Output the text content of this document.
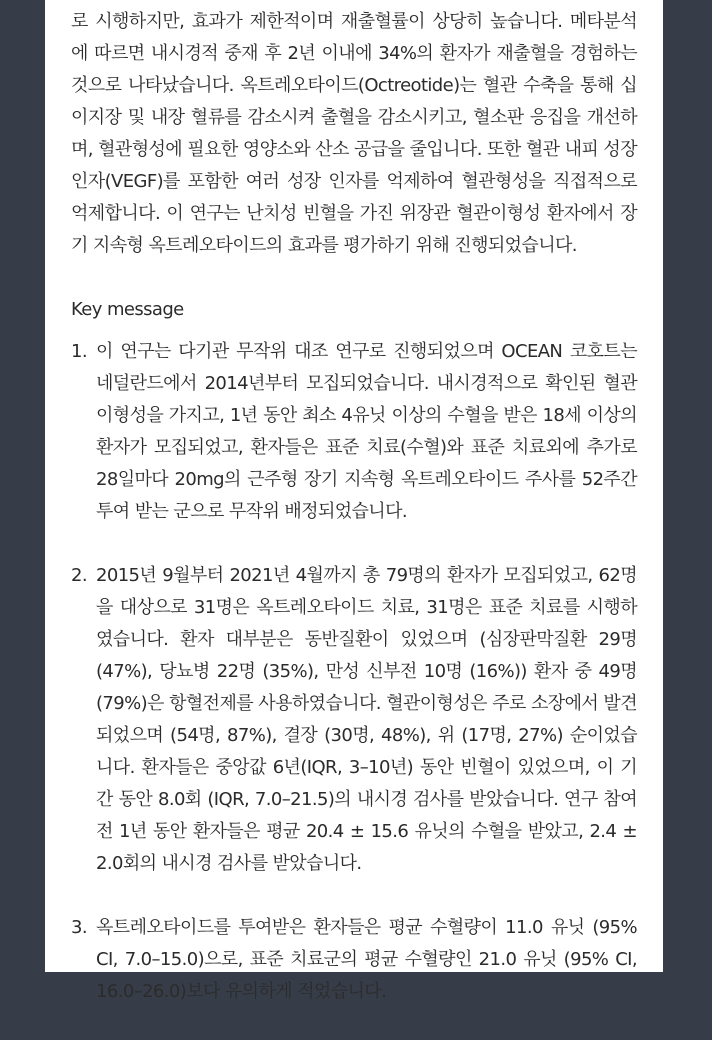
로 시행하지만, 효과가 제한적이며 재출혈률이 상당히 높습니다. 메타분석에 따르면 내시경적 중재 후 2년 이내에 34%의 환자가 재출혈을 경험하는 것으로 나타났습니다. 옥트레오타이드(Octreotide)는 혈관 수축을 통해 십이지장 및 내장 혈류를 감소시켜 출혈을 감소시키고, 혈소판 응집을 개선하며, 혈관형성에 필요한 영양소와 산소 공급을 줄입니다. 또한 혈관 내피 성장 인자(VEGF)를 포함한 여러 성장 인자를 억제하여 혈관형성을 직접적으로 억제합니다. 이 연구는 난치성 빈혈을 가진 위장관 혈관이형성 환자에서 장기 지속형 옥트레오타이드의 효과를 평가하기 위해 진행되었습니다.

Key message
1. 이 연구는 다기관 무작위 대조 연구로 진행되었으며 OCEAN 코호트는 네덜란드에서 2014년부터 모집되었습니다. 내시경적으로 확인된 혈관이형성을 가지고, 1년 동안 최소 4유닛 이상의 수혈을 받은 18세 이상의 환자가 모집되었고, 환자들은 표준 치료(수혈)와 표준 치료외에 추가로 28일마다 20mg의 근주형 장기 지속형 옥트레오타이드 주사를 52주간 투여 받는 군으로 무작위 배정되었습니다.
2. 2015년 9월부터 2021년 4월까지 총 79명의 환자가 모집되었고, 62명을 대상으로 31명은 옥트레오타이드 치료, 31명은 표준 치료를 시행하였습니다. 환자 대부분은 동반질환이 있었으며 (심장판막질환 29명 (47%), 당뇨병 22명 (35%), 만성 신부전 10명 (16%)) 환자 중 49명 (79%)은 항혈전제를 사용하였습니다. 혈관이형성은 주로 소장에서 발견되었으며 (54명, 87%), 결장 (30명, 48%), 위 (17명, 27%) 순이었습니다. 환자들은 중앙값 6년(IQR, 3–10년) 동안 빈혈이 있었으며, 이 기간 동안 8.0회 (IQR, 7.0–21.5)의 내시경 검사를 받았습니다. 연구 참여 전 1년 동안 환자들은 평균 20.4 ± 15.6 유닛의 수혈을 받았고, 2.4 ± 2.0회의 내시경 검사를 받았습니다.
3. 옥트레오타이드를 투여받은 환자들은 평균 수혈량이 11.0 유닛 (95% CI, 7.0–15.0)으로, 표준 치료군의 평균 수혈량인 21.0 유닛 (95% CI, 16.0–26.0)보다 유의하게 적었습니다.
